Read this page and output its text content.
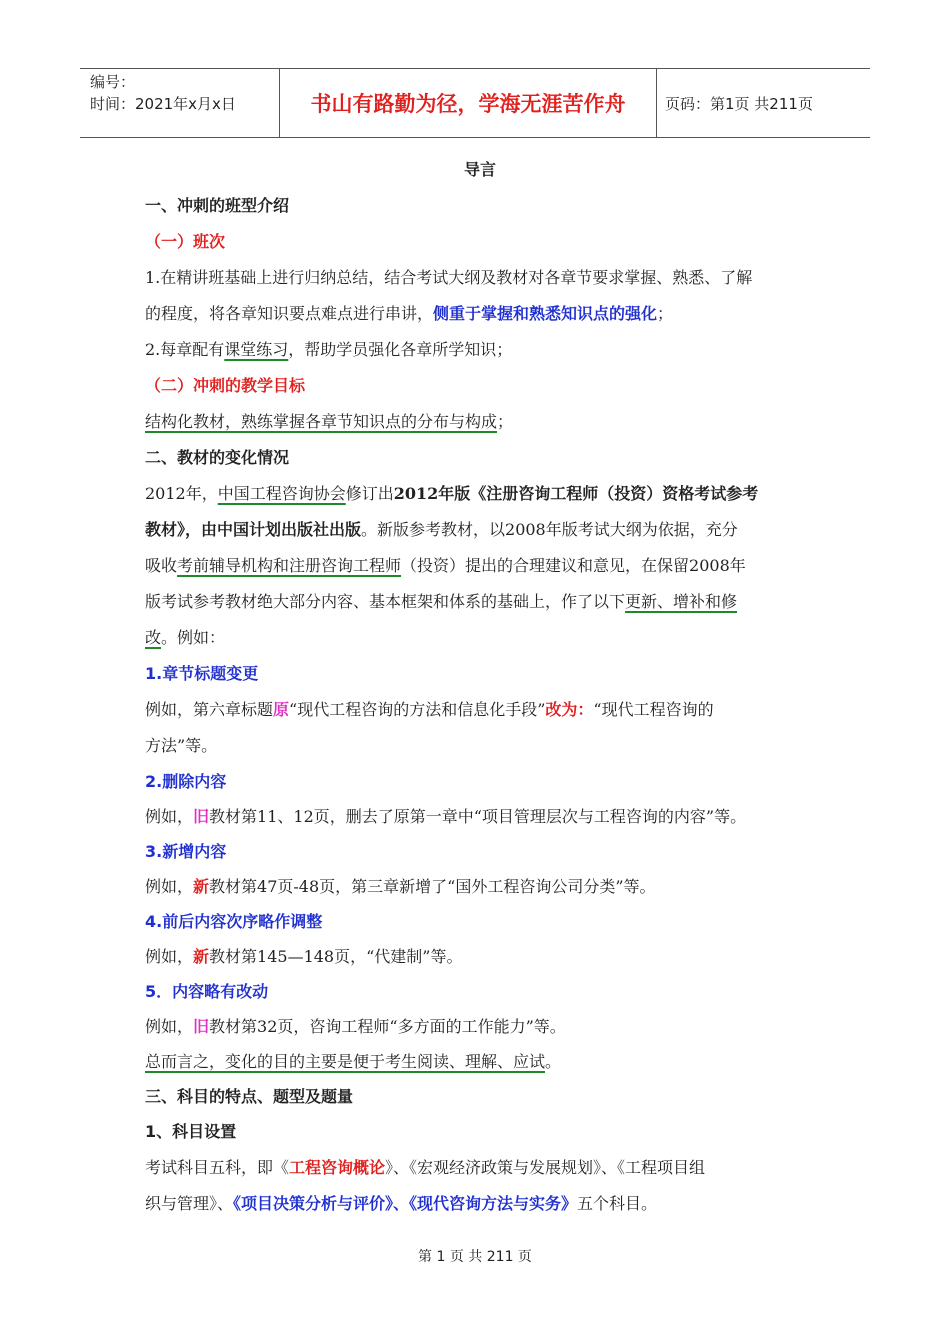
编号：
时间：2021年x月x日	书山有路勤为径，学海无涯苦作舟	页码：第1页 共211页
导言
一、冲刺的班型介绍
（一）班次
1.在精讲班基础上进行归纳总结，结合考试大纲及教材对各章节要求掌握、熟悉、了解
的程度，将各章知识要点难点进行串讲，侧重于掌握和熟悉知识点的强化；
2.每章配有课堂练习，帮助学员强化各章所学知识；
（二）冲刺的教学目标
结构化教材，熟练掌握各章节知识点的分布与构成；
二、教材的变化情况
2012年，中国工程咨询协会修订出2012年版《注册咨询工程师（投资）资格考试参考
教材》，由中国计划出版社出版。新版参考教材，以2008年版考试大纲为依据，充分
吸收考前辅导机构和注册咨询工程师（投资）提出的合理建议和意见，在保留2008年
版考试参考教材绝大部分内容、基本框架和体系的基础上，作了以下更新、增补和修
改。例如：
1.章节标题变更
例如，第六章标题原“现代工程咨询的方法和信息化手段”改为：“现代工程咨询的
方法”等。
2.删除内容
例如，旧教材第11、12页，删去了原第一章中“项目管理层次与工程咨询的内容”等。
3.新增内容
例如，新教材第47页-48页，第三章新增了“国外工程咨询公司分类”等。
4.前后内容次序略作调整
例如，新教材第145—148页，“代建制”等。
5．内容略有改动
例如，旧教材第32页，咨询工程师“多方面的工作能力”等。
总而言之，变化的目的主要是便于考生阅读、理解、应试。
三、科目的特点、题型及题量
1、科目设置
考试科目五科，即《工程咨询概论》、《宏观经济政策与发展规划》、《工程项目组
织与管理》、《项目决策分析与评价》、《现代咨询方法与实务》五个科目。
第 1 页 共 211 页
